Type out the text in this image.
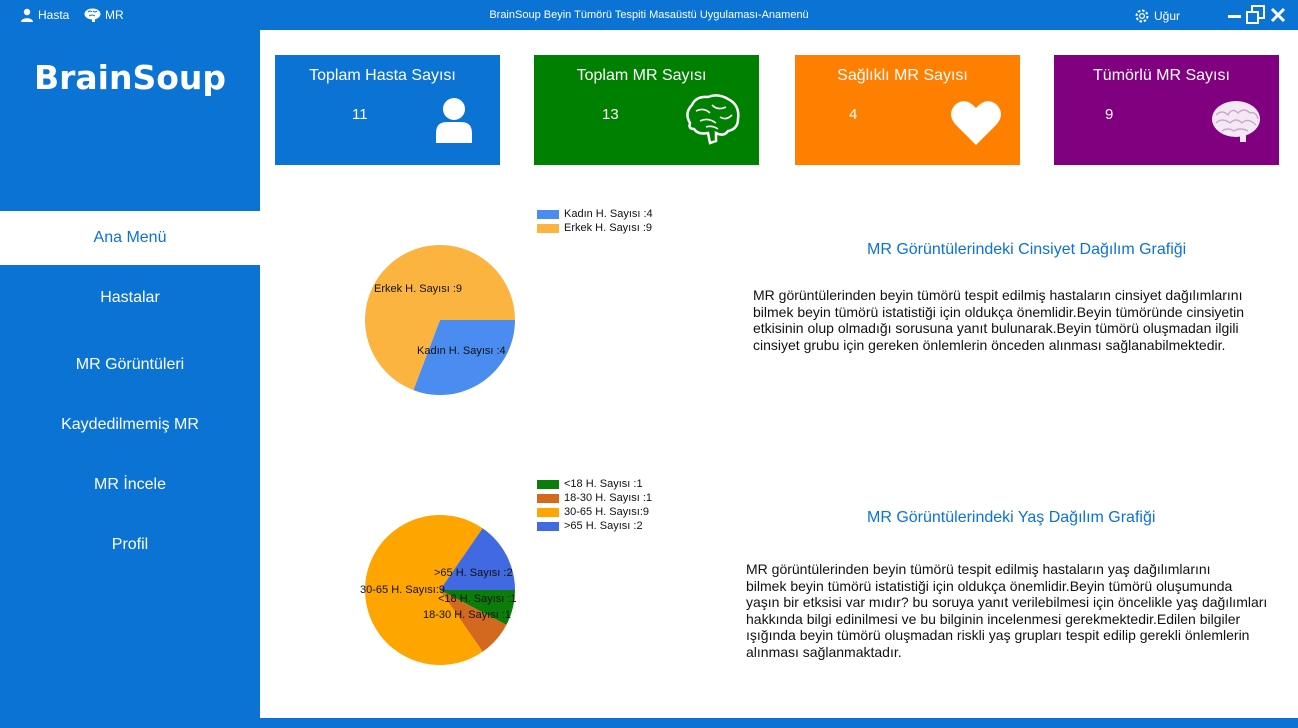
Hasta	MR	BrainSoup Beyin Tümörü Tespiti Masaüstü Uygulaması-Anamenü	Uğur
BrainSoup
Ana Menü
Hastalar
MR Görüntüleri
Kaydedilmemiş MR
MR İncele
Profil
Toplam Hasta Sayısı
11
Toplam MR Sayısı
13
Sağlıklı MR Sayısı
4
Tümörlü MR Sayısı
9
Kadın H. Sayısı :4
Erkek H. Sayısı :9
Erkek H. Sayısı :9
Kadın H. Sayısı :4
MR Görüntülerindeki Cinsiyet Dağılım Grafiği
MR görüntülerinden beyin tümörü tespit edilmiş hastaların cinsiyet dağılımlarını
bilmek beyin tümörü istatistiği için oldukça önemlidir.Beyin tümöründe cinsiyetin
etkisinin olup olmadığı sorusuna yanıt bulunarak.Beyin tümörü oluşmadan ilgili
cinsiyet grubu için gereken önlemlerin önceden alınması sağlanabilmektedir.
<18 H. Sayısı :1
18-30 H. Sayısı :1
30-65 H. Sayısı:9
>65 H. Sayısı :2
>65 H. Sayısı :2
<18 H. Sayısı :1
18-30 H. Sayısı :1
30-65 H. Sayısı:9
MR Görüntülerindeki Yaş Dağılım Grafiği
MR görüntülerinden beyin tümörü tespit edilmiş hastaların yaş dağılımlarını
bilmek beyin tümörü istatistiği için oldukça önemlidir.Beyin tümörü oluşumunda
yaşın bir etksisi var mıdır? bu soruya yanıt verilebilmesi için öncelikle yaş dağılımları
hakkında bilgi edinilmesi ve bu bilginin incelenmesi gerekmektedir.Edilen bilgiler
ışığında beyin tümörü oluşmadan riskli yaş grupları tespit edilip gerekli önlemlerin
alınması sağlanmaktadır.
